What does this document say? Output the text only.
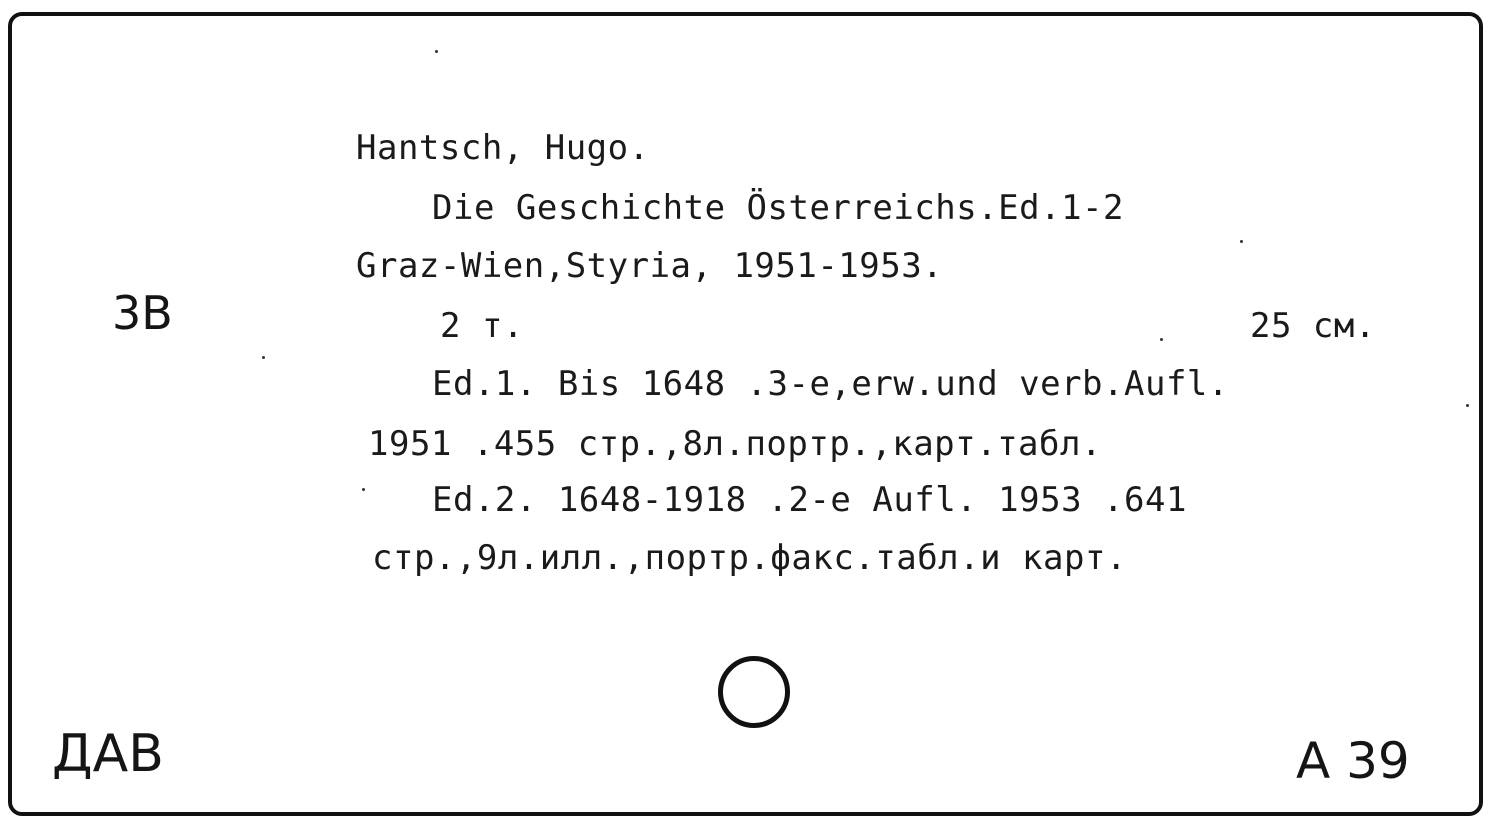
Hantsch, Hugo.
Die Geschichte Österreichs.Ed.1-2
Graz-Wien,Styria, 1951-1953.
2 т.	25 см.
Ed.1. Bis 1648 .3-e,erw.und verb.Aufl.
1951 .455 стр.,8л.портр.,карт.табл.
Ed.2. 1648-1918 .2-e Aufl. 1953 .641
стр.,9л.илл.,портр.факс.табл.и карт.
3B
ДАВ	А 39
